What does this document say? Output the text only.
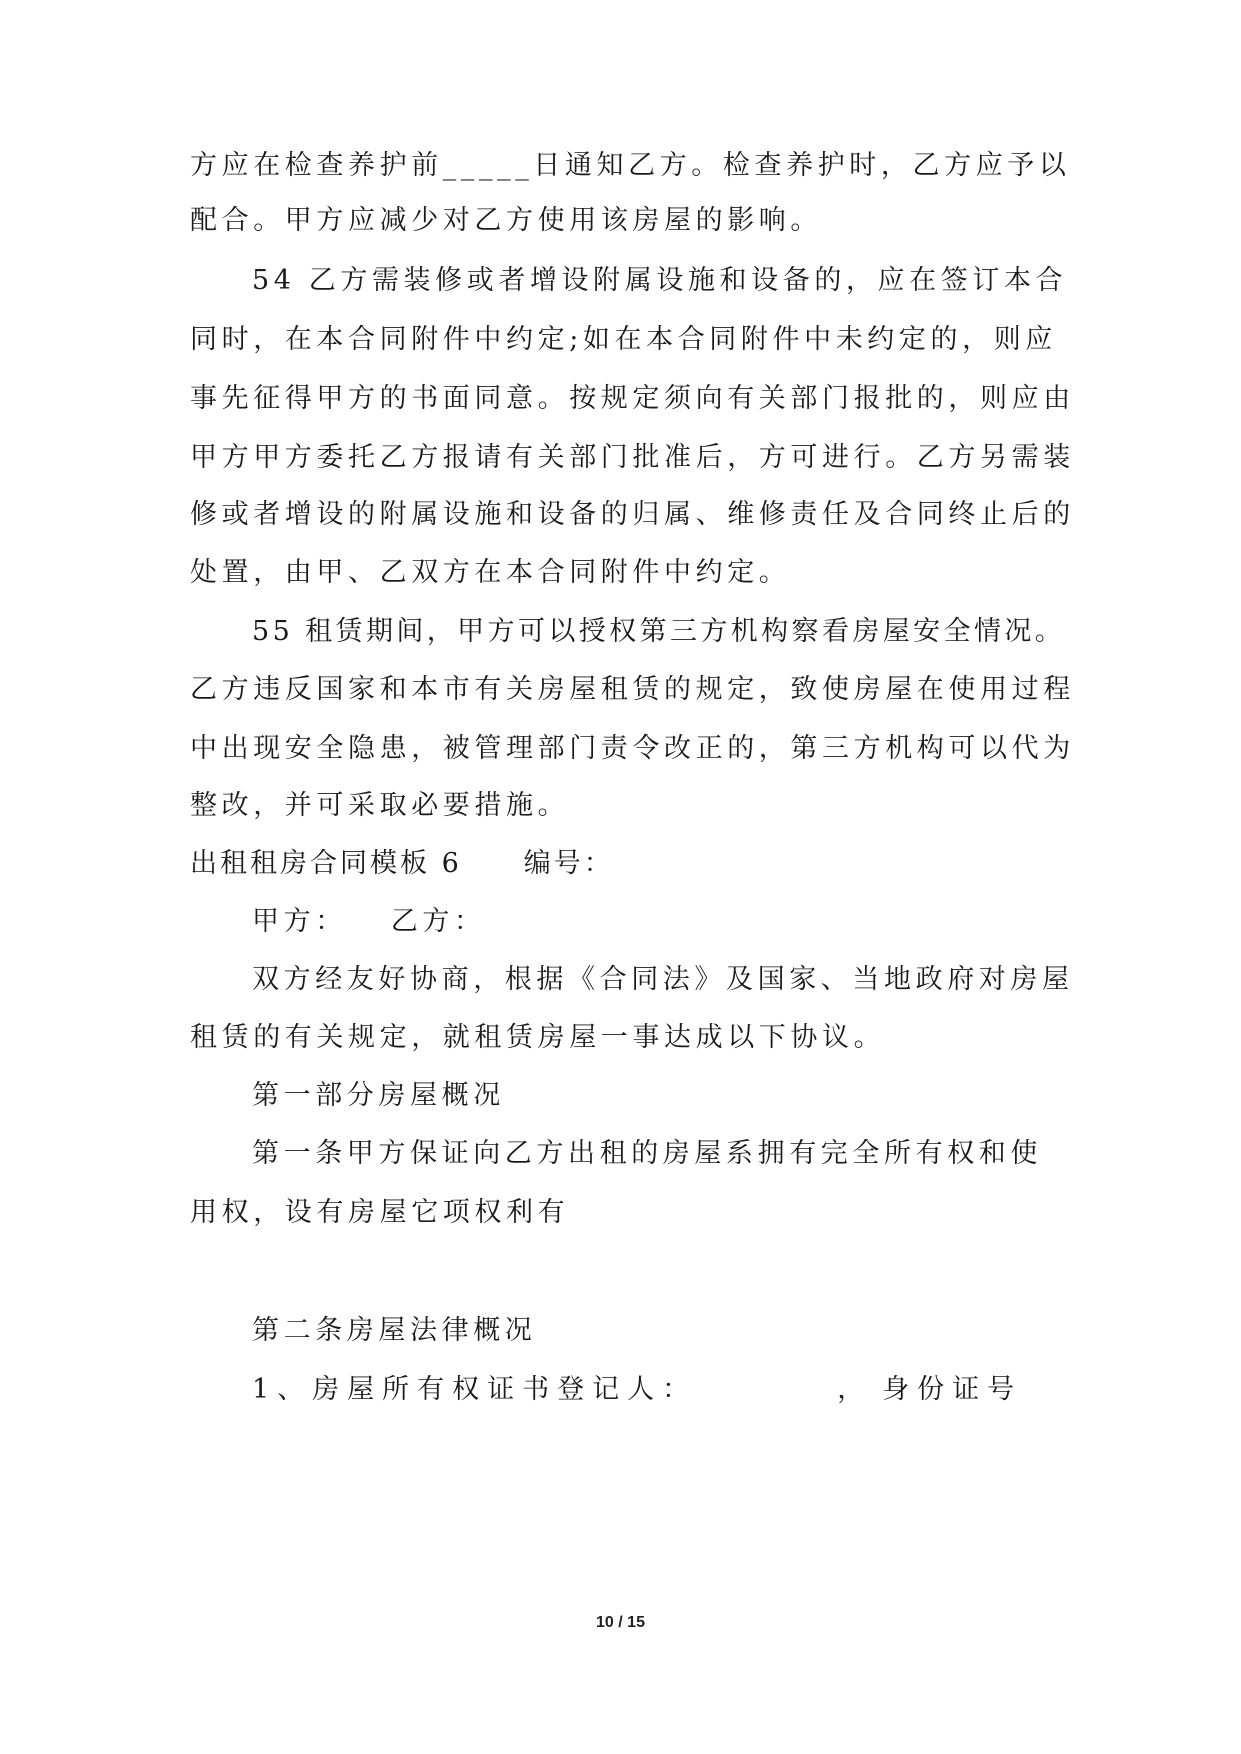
方应在检查养护前_____日通知乙方。检查养护时，乙方应予以
配合。甲方应减少对乙方使用该房屋的影响。
54 乙方需装修或者增设附属设施和设备的，应在签订本合
同时，在本合同附件中约定;如在本合同附件中未约定的，则应
事先征得甲方的书面同意。按规定须向有关部门报批的，则应由
甲方甲方委托乙方报请有关部门批准后，方可进行。乙方另需装
修或者增设的附属设施和设备的归属、维修责任及合同终止后的
处置，由甲、乙双方在本合同附件中约定。
55 租赁期间，甲方可以授权第三方机构察看房屋安全情况。
乙方违反国家和本市有关房屋租赁的规定，致使房屋在使用过程
中出现安全隐患，被管理部门责令改正的，第三方机构可以代为
整改，并可采取必要措施。
出租租房合同模板 6 编号：
甲方： 乙方：
双方经友好协商，根据《合同法》及国家、当地政府对房屋
租赁的有关规定，就租赁房屋一事达成以下协议。
第一部分房屋概况
第一条甲方保证向乙方出租的房屋系拥有完全所有权和使
用权，设有房屋它项权利有
第二条房屋法律概况
1、房屋所有权证书登记人：	， 身份证号
10 / 15
